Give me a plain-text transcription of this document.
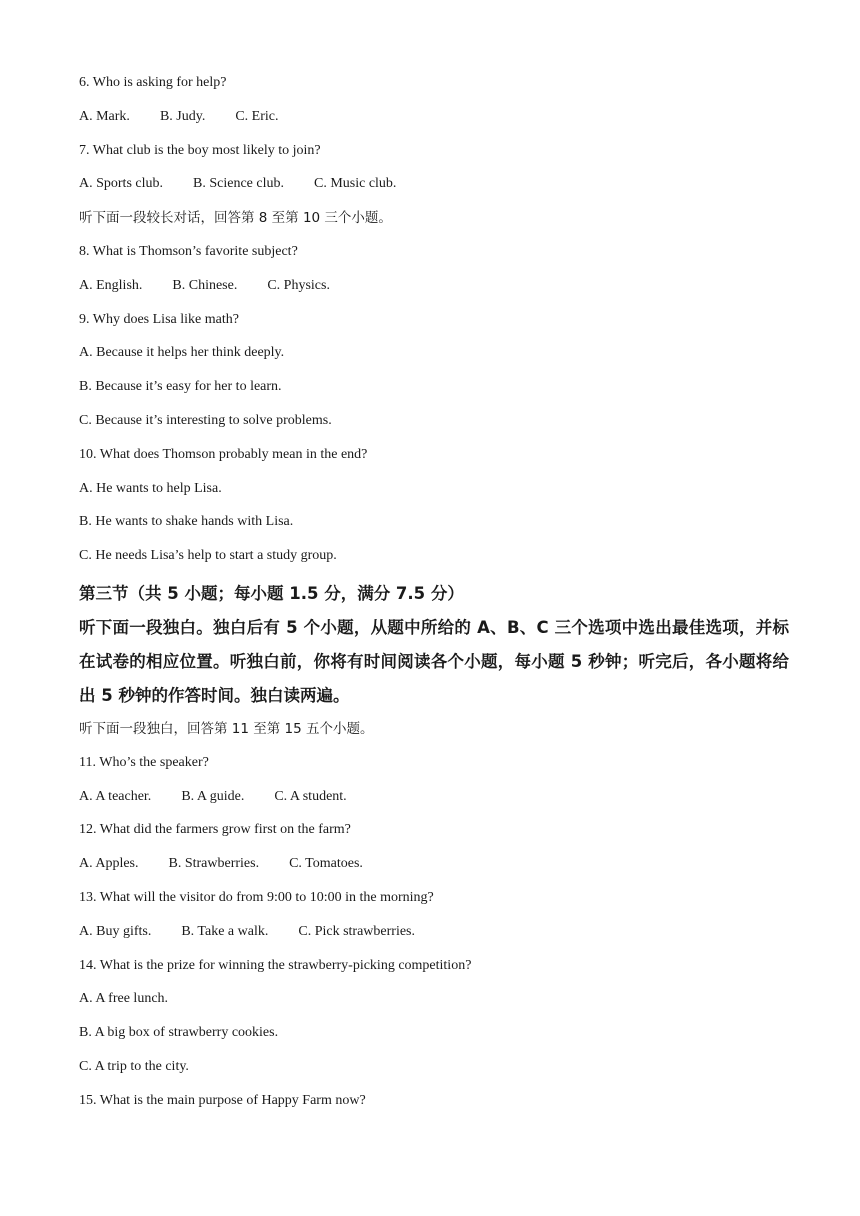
6. Who is asking for help?
A. Mark. B. Judy. C. Eric.
7. What club is the boy most likely to join?
A. Sports club. B. Science club. C. Music club.
听下面一段较长对话，回答第 8 至第 10 三个小题。
8. What is Thomson’s favorite subject?
A. English. B. Chinese. C. Physics.
9. Why does Lisa like math?
A. Because it helps her think deeply.
B. Because it’s easy for her to learn.
C. Because it’s interesting to solve problems.
10. What does Thomson probably mean in the end?
A. He wants to help Lisa.
B. He wants to shake hands with Lisa.
C. He needs Lisa’s help to start a study group.
第三节（共 5 小题；每小题 1.5 分，满分 7.5 分）
听下面一段独白。独白后有 5 个小题，从题中所给的 A、B、C 三个选项中选出最佳选项，并标在试卷的相应位置。听独白前，你将有时间阅读各个小题，每小题 5 秒钟；听完后，各小题将给出 5 秒钟的作答时间。独白读两遍。
听下面一段独白，回答第 11 至第 15 五个小题。
11. Who’s the speaker?
A. A teacher. B. A guide. C. A student.
12. What did the farmers grow first on the farm?
A. Apples. B. Strawberries. C. Tomatoes.
13. What will the visitor do from 9:00 to 10:00 in the morning?
A. Buy gifts. B. Take a walk. C. Pick strawberries.
14. What is the prize for winning the strawberry-picking competition?
A. A free lunch.
B. A big box of strawberry cookies.
C. A trip to the city.
15. What is the main purpose of Happy Farm now?
